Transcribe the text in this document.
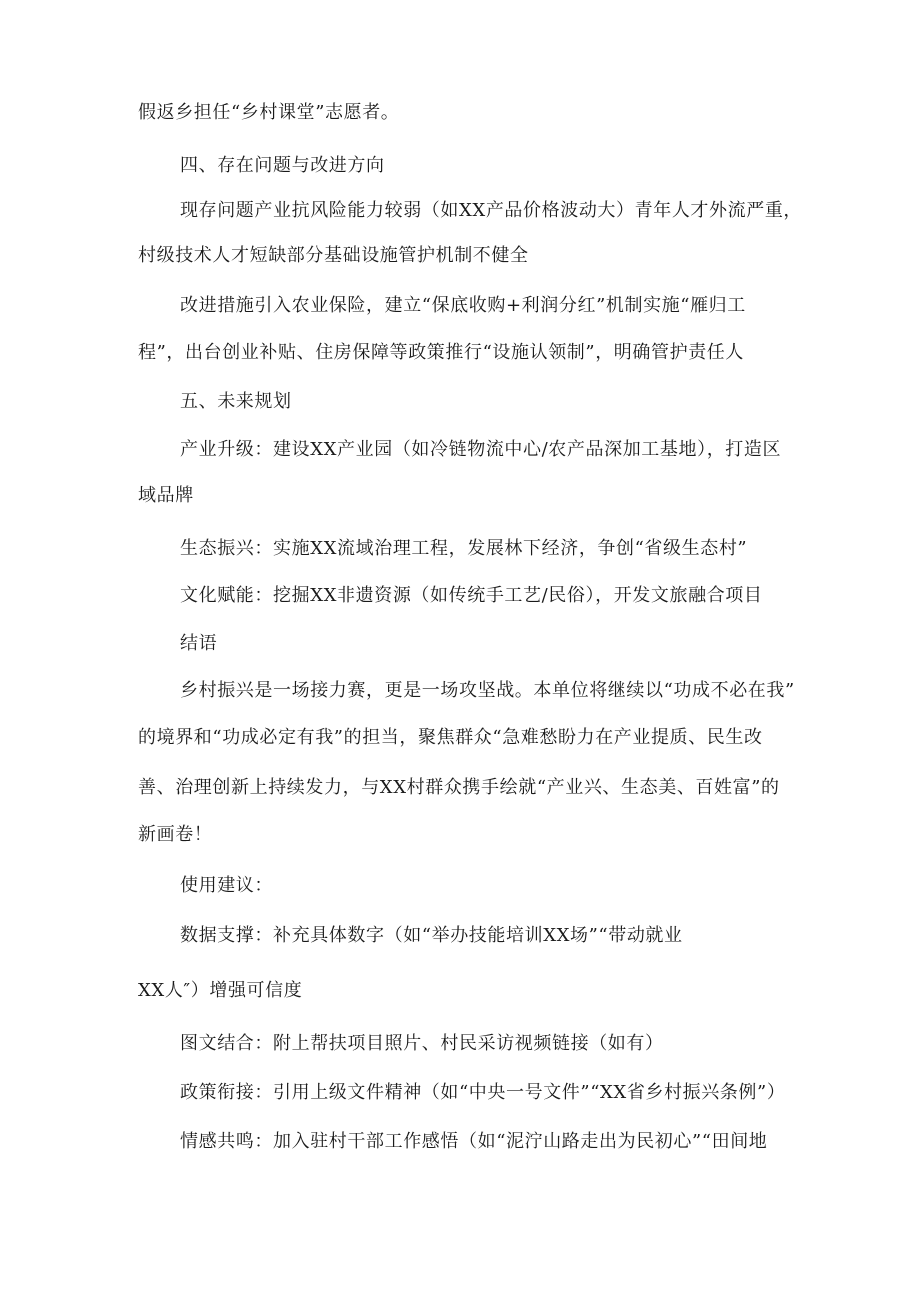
假返乡担任“乡村课堂”志愿者。
四、存在问题与改进方向
现存问题产业抗风险能力较弱（如XX产品价格波动大）青年人才外流严重，
村级技术人才短缺部分基础设施管护机制不健全
改进措施引入农业保险，建立“保底收购+利润分红”机制实施“雁归工
程”，出台创业补贴、住房保障等政策推行“设施认领制”，明确管护责任人
五、未来规划
产业升级：建设XX产业园（如冷链物流中心/农产品深加工基地），打造区
域品牌
生态振兴：实施XX流域治理工程，发展林下经济，争创“省级生态村”
文化赋能：挖掘XX非遗资源（如传统手工艺/民俗），开发文旅融合项目
结语
乡村振兴是一场接力赛，更是一场攻坚战。本单位将继续以“功成不必在我”
的境界和“功成必定有我”的担当，聚焦群众“急难愁盼力在产业提质、民生改
善、治理创新上持续发力，与XX村群众携手绘就“产业兴、生态美、百姓富”的
新画卷！
使用建议：
数据支撑：补充具体数字（如“举办技能培训XX场”“带动就业
XX人″）增强可信度
图文结合：附上帮扶项目照片、村民采访视频链接（如有）
政策衔接：引用上级文件精神（如“中央一号文件”“XX省乡村振兴条例”）
情感共鸣：加入驻村干部工作感悟（如“泥泞山路走出为民初心”“田间地
